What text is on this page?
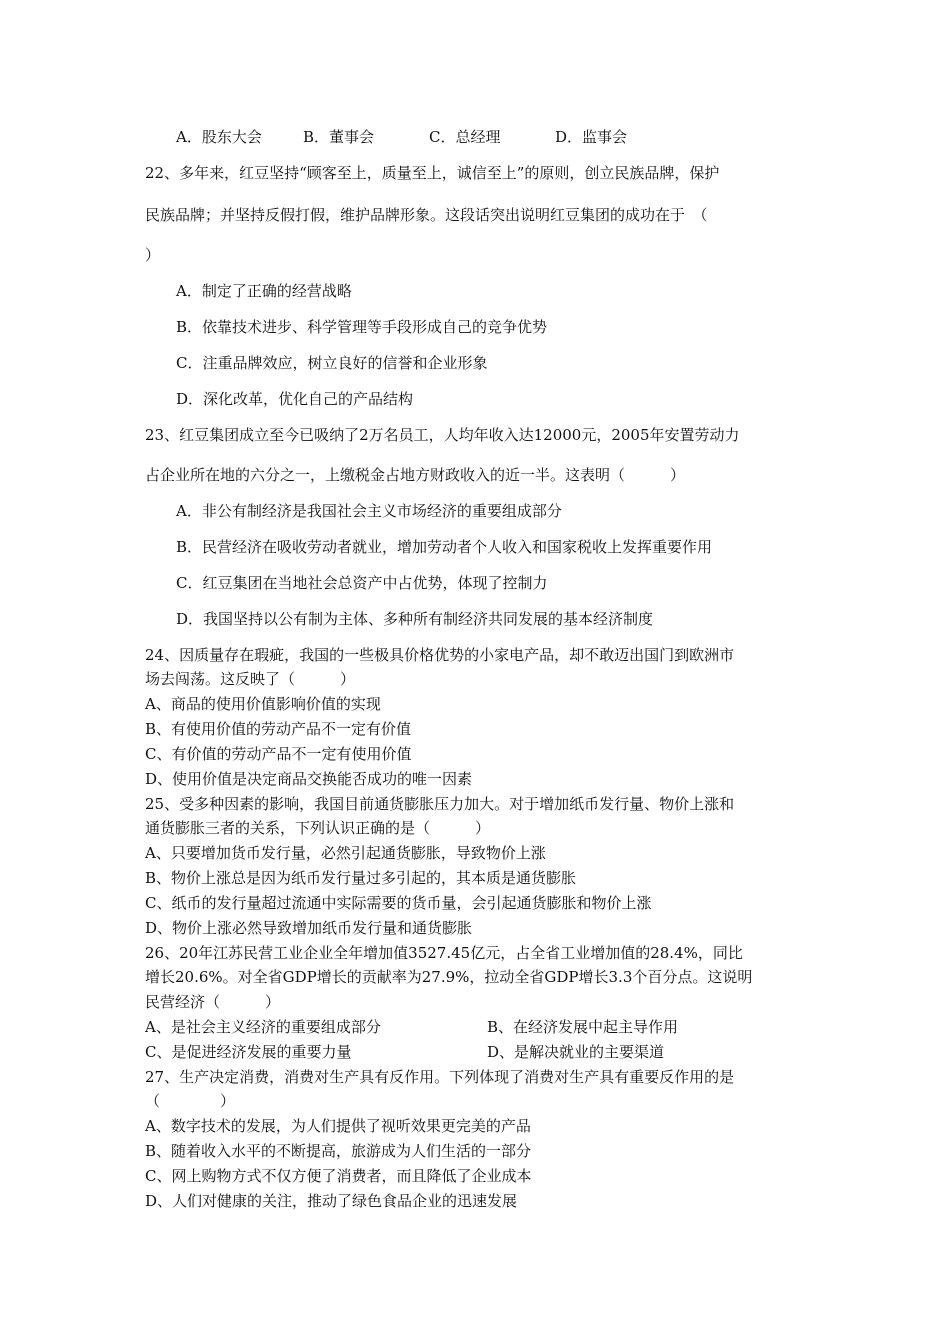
A．股东大会	B．董事会	C．总经理	D．监事会
22、多年来，红豆坚持“顾客至上，质量至上，诚信至上”的原则，创立民族品牌，保护
民族品牌；并坚持反假打假，维护品牌形象。这段话突出说明红豆集团的成功在于　（
）
A．制定了正确的经营战略
B．依靠技术进步、科学管理等手段形成自己的竞争优势
C．注重品牌效应，树立良好的信誉和企业形象
D．深化改革，优化自己的产品结构
23、红豆集团成立至今已吸纳了2万名员工，人均年收入达12000元，2005年安置劳动力
占企业所在地的六分之一，上缴税金占地方财政收入的近一半。这表明（　　　）
A．非公有制经济是我国社会主义市场经济的重要组成部分
B．民营经济在吸收劳动者就业，增加劳动者个人收入和国家税收上发挥重要作用
C．红豆集团在当地社会总资产中占优势，体现了控制力
D．我国坚持以公有制为主体、多种所有制经济共同发展的基本经济制度
24、因质量存在瑕疵，我国的一些极具价格优势的小家电产品，却不敢迈出国门到欧洲市
场去闯荡。这反映了（　　　）
A、商品的使用价值影响价值的实现
B、有使用价值的劳动产品不一定有价值
C、有价值的劳动产品不一定有使用价值
D、使用价值是决定商品交换能否成功的唯一因素
25、受多种因素的影响，我国目前通货膨胀压力加大。对于增加纸币发行量、物价上涨和
通货膨胀三者的关系，下列认识正确的是（　　　）
A、只要增加货币发行量，必然引起通货膨胀，导致物价上涨
B、物价上涨总是因为纸币发行量过多引起的，其本质是通货膨胀
C、纸币的发行量超过流通中实际需要的货币量，会引起通货膨胀和物价上涨
D、物价上涨必然导致增加纸币发行量和通货膨胀
26、20年江苏民营工业企业全年增加值3527.45亿元，占全省工业增加值的28.4%，同比
增长20.6%。对全省GDP增长的贡献率为27.9%，拉动全省GDP增长3.3个百分点。这说明
民营经济（　　　）
A、是社会主义经济的重要组成部分	B、在经济发展中起主导作用
C、是促进经济发展的重要力量	D、是解决就业的主要渠道
27、生产决定消费，消费对生产具有反作用。下列体现了消费对生产具有重要反作用的是
（　　　　）
A、数字技术的发展，为人们提供了视听效果更完美的产品
B、随着收入水平的不断提高，旅游成为人们生活的一部分
C、网上购物方式不仅方便了消费者，而且降低了企业成本
D、人们对健康的关注，推动了绿色食品企业的迅速发展
